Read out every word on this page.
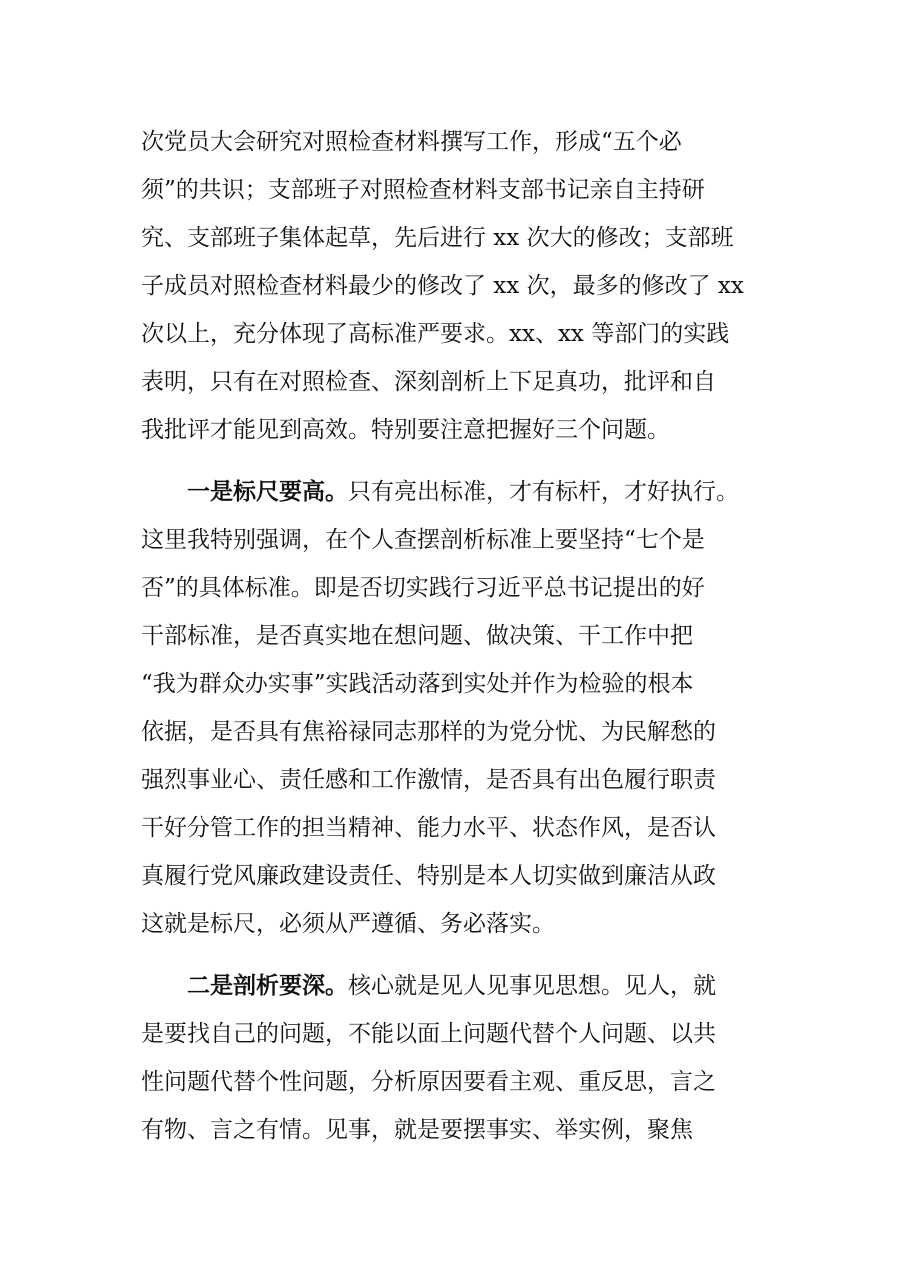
次党员大会研究对照检查材料撰写工作，形成“五个必
须”的共识；支部班子对照检查材料支部书记亲自主持研
究、支部班子集体起草，先后进行 xx 次大的修改；支部班
子成员对照检查材料最少的修改了 xx 次，最多的修改了 xx
次以上，充分体现了高标准严要求。xx、xx 等部门的实践
表明，只有在对照检查、深刻剖析上下足真功，批评和自
我批评才能见到高效。特别要注意把握好三个问题。
一是标尺要高。只有亮出标准，才有标杆，才好执行。
这里我特别强调，在个人查摆剖析标准上要坚持“七个是
否”的具体标准。即是否切实践行习近平总书记提出的好
干部标准，是否真实地在想问题、做决策、干工作中把
“我为群众办实事”实践活动落到实处并作为检验的根本
依据，是否具有焦裕禄同志那样的为党分忧、为民解愁的
强烈事业心、责任感和工作激情，是否具有出色履行职责
干好分管工作的担当精神、能力水平、状态作风，是否认
真履行党风廉政建设责任、特别是本人切实做到廉洁从政
这就是标尺，必须从严遵循、务必落实。
二是剖析要深。核心就是见人见事见思想。见人，就
是要找自己的问题，不能以面上问题代替个人问题、以共
性问题代替个性问题，分析原因要看主观、重反思，言之
有物、言之有情。见事，就是要摆事实、举实例，聚焦
